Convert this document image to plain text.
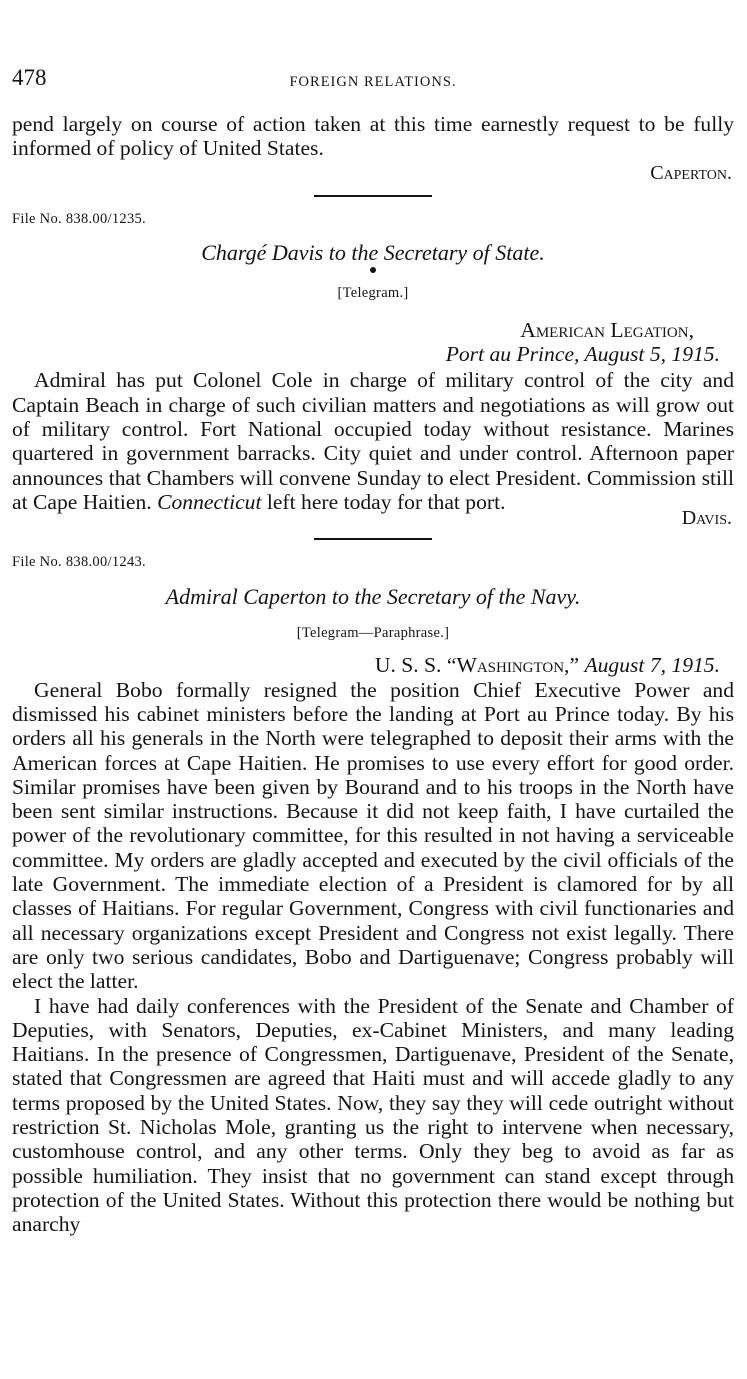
478	FOREIGN RELATIONS.

pend largely on course of action taken at this time earnestly request to be fully informed of policy of United States.

Caperton.

File No. 838.00/1235.
Chargé Davis to the Secretary of State.
[Telegram.]
American Legation,
Port au Prince, August 5, 1915.

Admiral has put Colonel Cole in charge of military control of the city and Captain Beach in charge of such civilian matters and negotiations as will grow out of military control. Fort National occupied today without resistance. Marines quartered in government barracks. City quiet and under control. Afternoon paper announces that Chambers will convene Sunday to elect President. Commission still at Cape Haitien. Connecticut left here today for that port.

Davis.

File No. 838.00/1243.
Admiral Caperton to the Secretary of the Navy.
[Telegram—Paraphrase.]
U. S. S. “Washington,” August 7, 1915.

General Bobo formally resigned the position Chief Executive Power and dismissed his cabinet ministers before the landing at Port au Prince today. By his orders all his generals in the North were telegraphed to deposit their arms with the American forces at Cape Haitien. He promises to use every effort for good order. Similar promises have been given by Bourand and to his troops in the North have been sent similar instructions. Because it did not keep faith, I have curtailed the power of the revolutionary committee, for this resulted in not having a serviceable committee. My orders are gladly accepted and executed by the civil officials of the late Government. The immediate election of a President is clamored for by all classes of Haitians. For regular Government, Congress with civil functionaries and all necessary organizations except President and Congress not exist legally. There are only two serious candidates, Bobo and Dartiguenave; Congress probably will elect the latter.

I have had daily conferences with the President of the Senate and Chamber of Deputies, with Senators, Deputies, ex-Cabinet Ministers, and many leading Haitians. In the presence of Congressmen, Dartiguenave, President of the Senate, stated that Congressmen are agreed that Haiti must and will accede gladly to any terms proposed by the United States. Now, they say they will cede outright without restriction St. Nicholas Mole, granting us the right to intervene when necessary, customhouse control, and any other terms. Only they beg to avoid as far as possible humiliation. They insist that no government can stand except through protection of the United States. Without this protection there would be nothing but anarchy
